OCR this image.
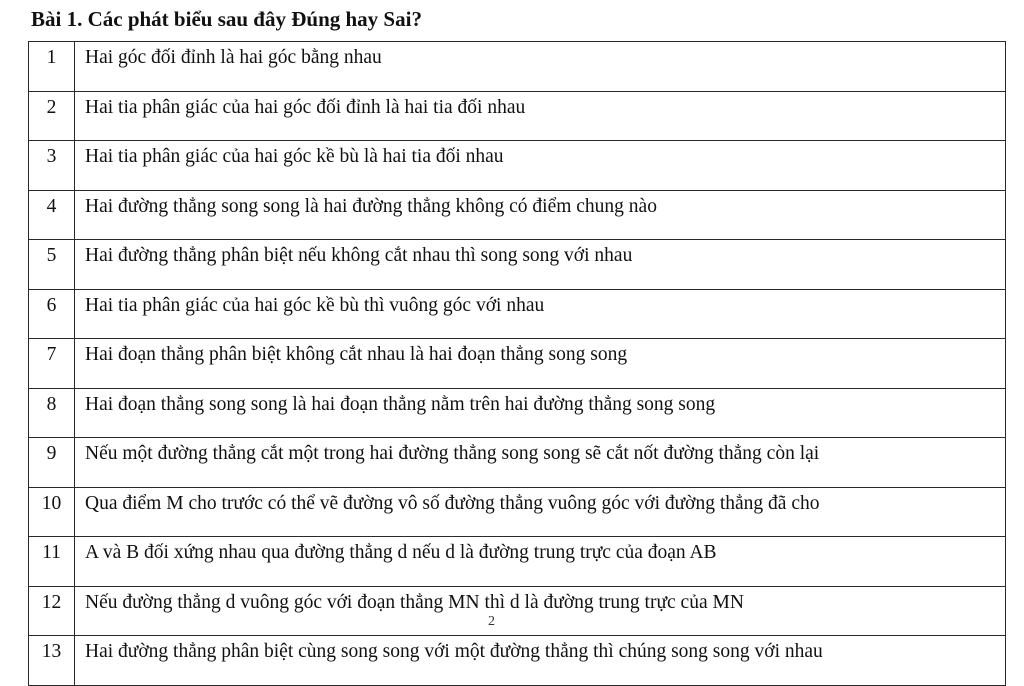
Bài 1. Các phát biểu sau đây Đúng hay Sai?
1	Hai góc đối đỉnh là hai góc bằng nhau
2	Hai tia phân giác của hai góc đối đỉnh là hai tia đối nhau
3	Hai tia phân giác của hai góc kề bù là hai tia đối nhau
4	Hai đường thẳng song song là hai đường thẳng không có điểm chung nào
5	Hai đường thẳng phân biệt nếu không cắt nhau thì song song với nhau
6	Hai tia phân giác của hai góc kề bù thì vuông góc với nhau
7	Hai đoạn thẳng phân biệt không cắt nhau là hai đoạn thẳng song song
8	Hai đoạn thẳng song song là hai đoạn thẳng nằm trên hai đường thẳng song song
9	Nếu một đường thẳng cắt một trong hai đường thẳng song song sẽ cắt nốt đường thẳng còn lại
10	Qua điểm M cho trước có thể vẽ đường vô số đường thẳng vuông góc với đường thẳng đã cho
11	A và B đối xứng nhau qua đường thẳng d nếu d là đường trung trực của đoạn AB
12	Nếu đường thẳng d vuông góc với đoạn thẳng MN thì d là đường trung trực của MN
13	Hai đường thẳng phân biệt cùng song song với một đường thẳng thì chúng song song với nhau
2
